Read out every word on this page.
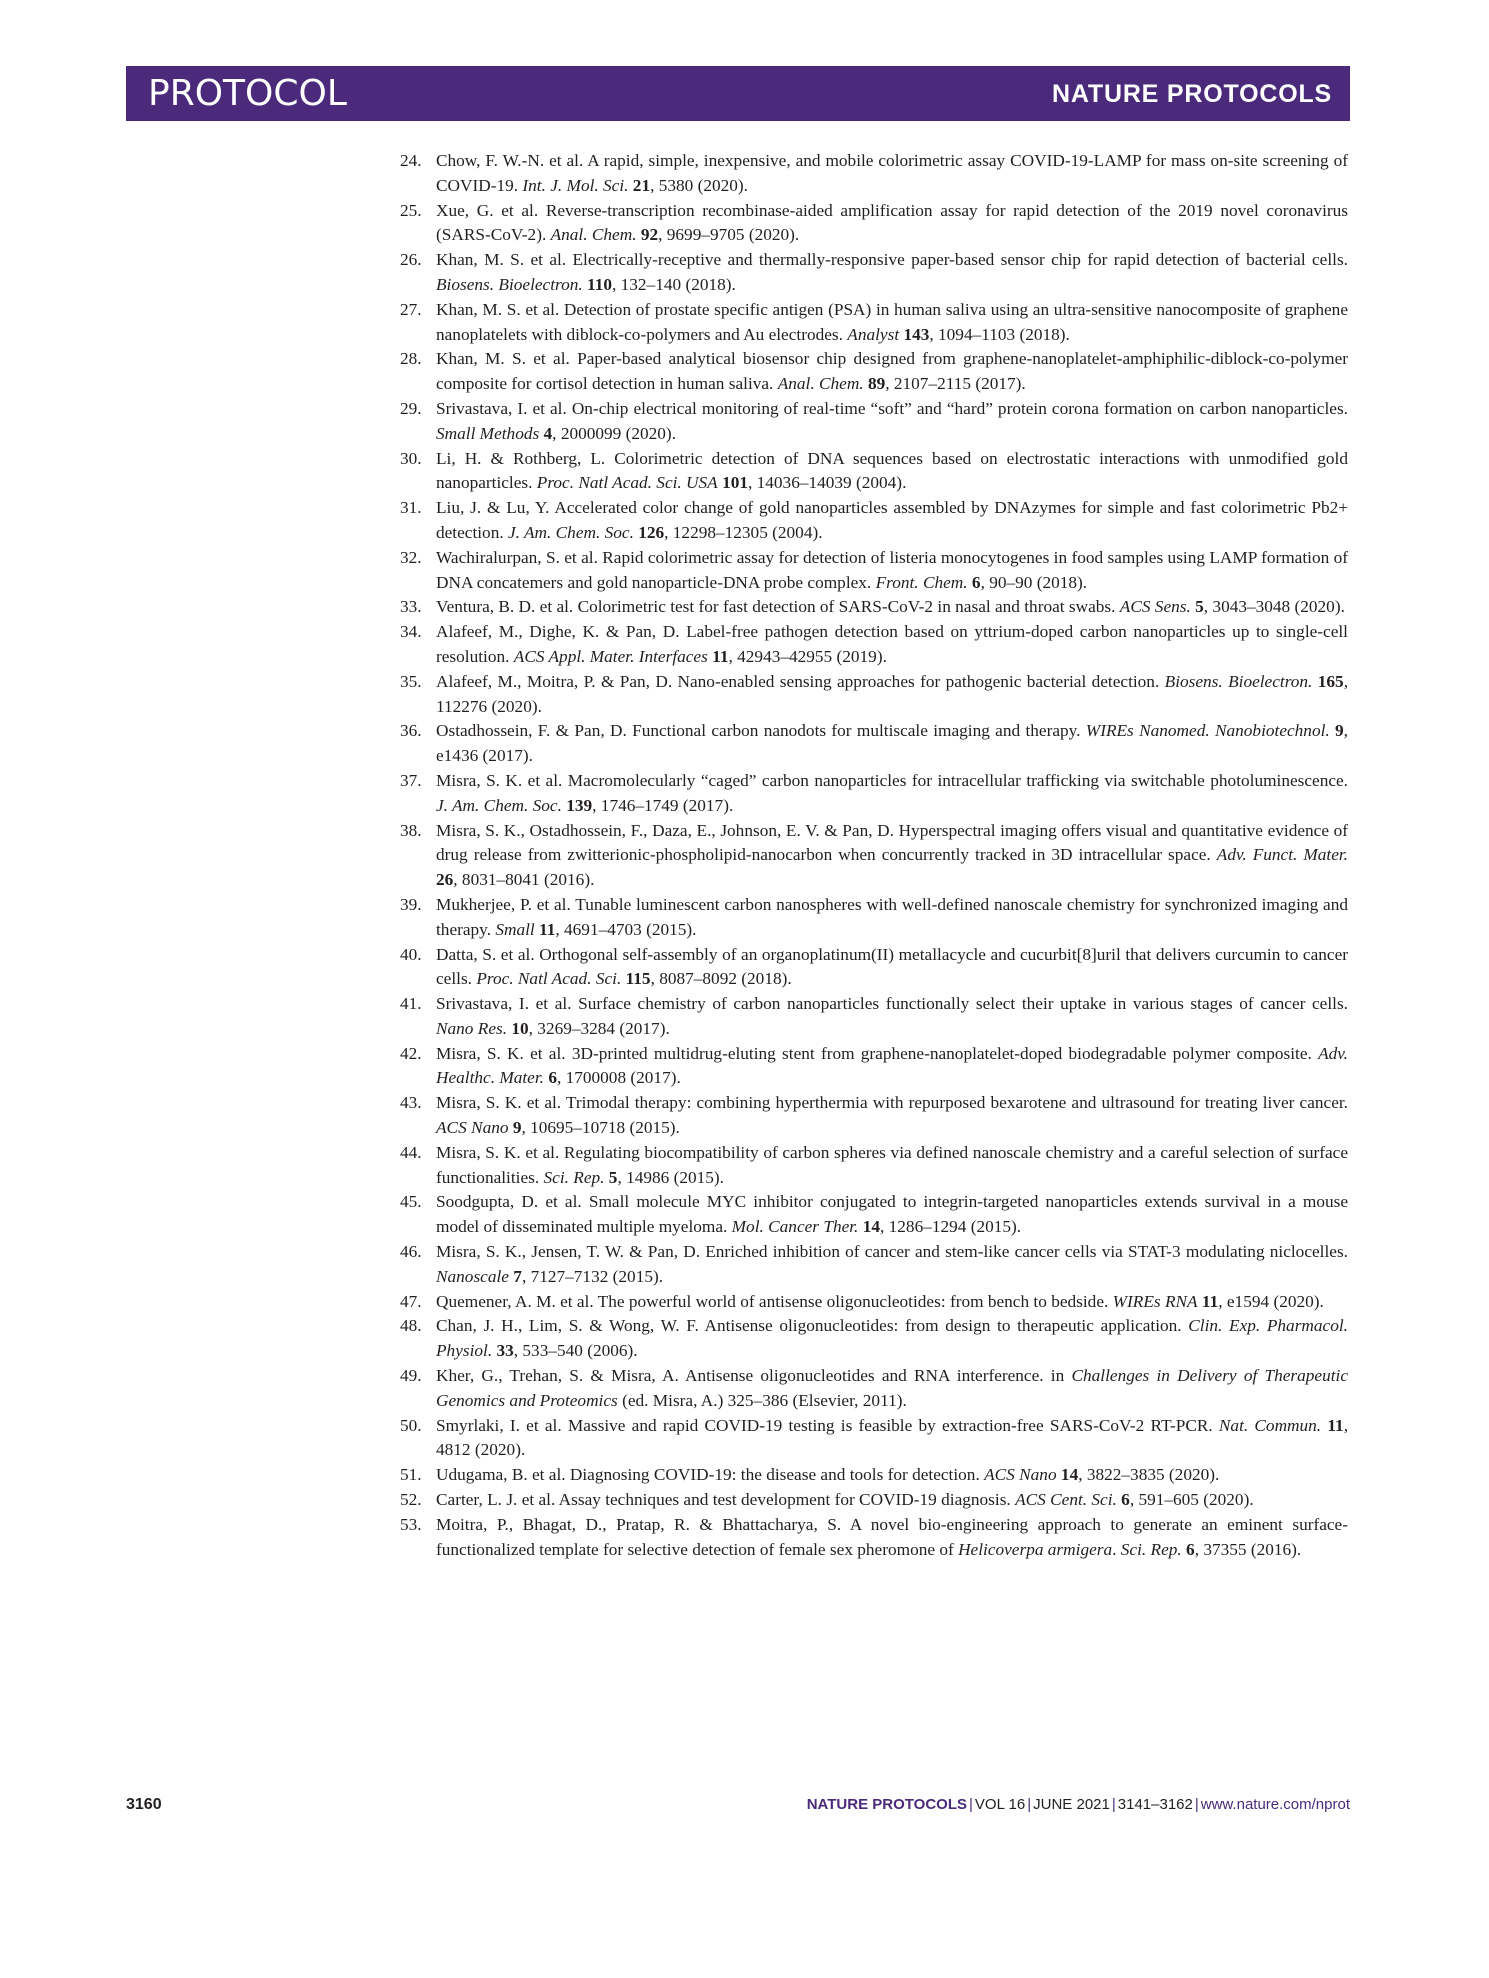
PROTOCOL	NATURE PROTOCOLS
24. Chow, F. W.-N. et al. A rapid, simple, inexpensive, and mobile colorimetric assay COVID-19-LAMP for mass on-site screening of COVID-19. Int. J. Mol. Sci. 21, 5380 (2020).
25. Xue, G. et al. Reverse-transcription recombinase-aided amplification assay for rapid detection of the 2019 novel coronavirus (SARS-CoV-2). Anal. Chem. 92, 9699–9705 (2020).
26. Khan, M. S. et al. Electrically-receptive and thermally-responsive paper-based sensor chip for rapid detection of bacterial cells. Biosens. Bioelectron. 110, 132–140 (2018).
27. Khan, M. S. et al. Detection of prostate specific antigen (PSA) in human saliva using an ultra-sensitive nanocomposite of graphene nanoplatelets with diblock-co-polymers and Au electrodes. Analyst 143, 1094–1103 (2018).
28. Khan, M. S. et al. Paper-based analytical biosensor chip designed from graphene-nanoplatelet-amphiphilic-diblock-co-polymer composite for cortisol detection in human saliva. Anal. Chem. 89, 2107–2115 (2017).
29. Srivastava, I. et al. On-chip electrical monitoring of real-time “soft” and “hard” protein corona formation on carbon nanoparticles. Small Methods 4, 2000099 (2020).
30. Li, H. & Rothberg, L. Colorimetric detection of DNA sequences based on electrostatic interactions with unmodified gold nanoparticles. Proc. Natl Acad. Sci. USA 101, 14036–14039 (2004).
31. Liu, J. & Lu, Y. Accelerated color change of gold nanoparticles assembled by DNAzymes for simple and fast colorimetric Pb2+ detection. J. Am. Chem. Soc. 126, 12298–12305 (2004).
32. Wachiralurpan, S. et al. Rapid colorimetric assay for detection of listeria monocytogenes in food samples using LAMP formation of DNA concatemers and gold nanoparticle-DNA probe complex. Front. Chem. 6, 90–90 (2018).
33. Ventura, B. D. et al. Colorimetric test for fast detection of SARS-CoV-2 in nasal and throat swabs. ACS Sens. 5, 3043–3048 (2020).
34. Alafeef, M., Dighe, K. & Pan, D. Label-free pathogen detection based on yttrium-doped carbon nanoparticles up to single-cell resolution. ACS Appl. Mater. Interfaces 11, 42943–42955 (2019).
35. Alafeef, M., Moitra, P. & Pan, D. Nano-enabled sensing approaches for pathogenic bacterial detection. Biosens. Bioelectron. 165, 112276 (2020).
36. Ostadhossein, F. & Pan, D. Functional carbon nanodots for multiscale imaging and therapy. WIREs Nanomed. Nanobiotechnol. 9, e1436 (2017).
37. Misra, S. K. et al. Macromolecularly “caged” carbon nanoparticles for intracellular trafficking via switchable photoluminescence. J. Am. Chem. Soc. 139, 1746–1749 (2017).
38. Misra, S. K., Ostadhossein, F., Daza, E., Johnson, E. V. & Pan, D. Hyperspectral imaging offers visual and quantitative evidence of drug release from zwitterionic-phospholipid-nanocarbon when concurrently tracked in 3D intracellular space. Adv. Funct. Mater. 26, 8031–8041 (2016).
39. Mukherjee, P. et al. Tunable luminescent carbon nanospheres with well-defined nanoscale chemistry for synchronized imaging and therapy. Small 11, 4691–4703 (2015).
40. Datta, S. et al. Orthogonal self-assembly of an organoplatinum(II) metallacycle and cucurbit[8]uril that delivers curcumin to cancer cells. Proc. Natl Acad. Sci. 115, 8087–8092 (2018).
41. Srivastava, I. et al. Surface chemistry of carbon nanoparticles functionally select their uptake in various stages of cancer cells. Nano Res. 10, 3269–3284 (2017).
42. Misra, S. K. et al. 3D-printed multidrug-eluting stent from graphene-nanoplatelet-doped biodegradable polymer composite. Adv. Healthc. Mater. 6, 1700008 (2017).
43. Misra, S. K. et al. Trimodal therapy: combining hyperthermia with repurposed bexarotene and ultrasound for treating liver cancer. ACS Nano 9, 10695–10718 (2015).
44. Misra, S. K. et al. Regulating biocompatibility of carbon spheres via defined nanoscale chemistry and a careful selection of surface functionalities. Sci. Rep. 5, 14986 (2015).
45. Soodgupta, D. et al. Small molecule MYC inhibitor conjugated to integrin-targeted nanoparticles extends survival in a mouse model of disseminated multiple myeloma. Mol. Cancer Ther. 14, 1286–1294 (2015).
46. Misra, S. K., Jensen, T. W. & Pan, D. Enriched inhibition of cancer and stem-like cancer cells via STAT-3 modulating niclocelles. Nanoscale 7, 7127–7132 (2015).
47. Quemener, A. M. et al. The powerful world of antisense oligonucleotides: from bench to bedside. WIREs RNA 11, e1594 (2020).
48. Chan, J. H., Lim, S. & Wong, W. F. Antisense oligonucleotides: from design to therapeutic application. Clin. Exp. Pharmacol. Physiol. 33, 533–540 (2006).
49. Kher, G., Trehan, S. & Misra, A. Antisense oligonucleotides and RNA interference. in Challenges in Delivery of Therapeutic Genomics and Proteomics (ed. Misra, A.) 325–386 (Elsevier, 2011).
50. Smyrlaki, I. et al. Massive and rapid COVID-19 testing is feasible by extraction-free SARS-CoV-2 RT-PCR. Nat. Commun. 11, 4812 (2020).
51. Udugama, B. et al. Diagnosing COVID-19: the disease and tools for detection. ACS Nano 14, 3822–3835 (2020).
52. Carter, L. J. et al. Assay techniques and test development for COVID-19 diagnosis. ACS Cent. Sci. 6, 591–605 (2020).
53. Moitra, P., Bhagat, D., Pratap, R. & Bhattacharya, S. A novel bio-engineering approach to generate an eminent surface-functionalized template for selective detection of female sex pheromone of Helicoverpa armigera. Sci. Rep. 6, 37355 (2016).
3160	NATURE PROTOCOLS | VOL 16 | JUNE 2021 | 3141–3162 | www.nature.com/nprot
